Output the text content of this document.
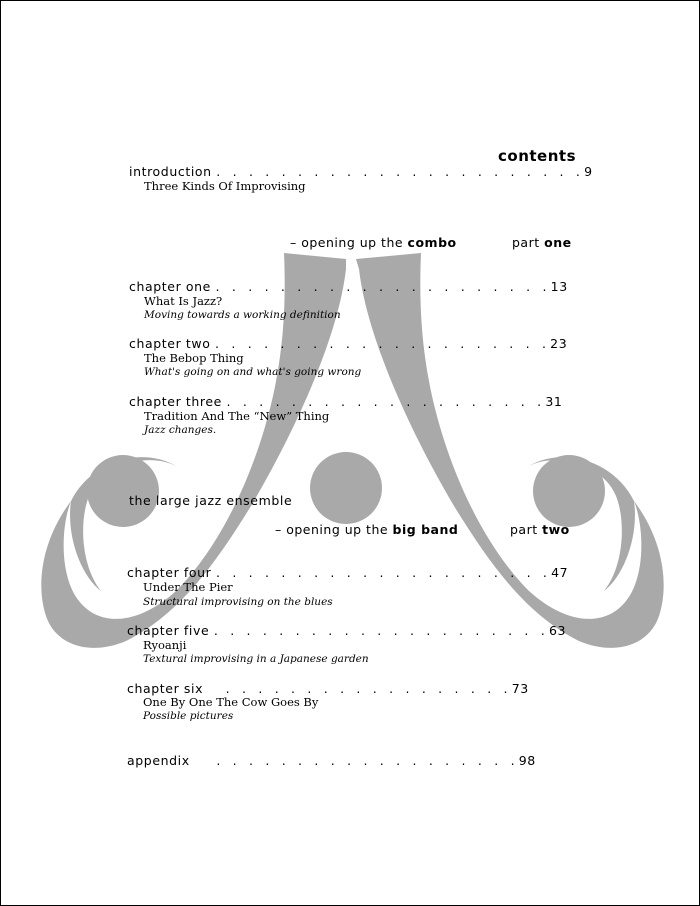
contents
introduction . . . . . . . . . . . . . . . . . . . . . . .9
Three Kinds Of Improvising
– opening up the combo	part one
chapter one . . . . . . . . . . . . . . . . . . . . .13
What Is Jazz?
Moving towards a working definition
chapter two . . . . . . . . . . . . . . . . . . . . .23
The Bebop Thing
What's going on and what's going wrong
chapter three . . . . . . . . . . . . . . . . . . . .31
Tradition And The “New” Thing
Jazz changes.
the large jazz ensemble
– opening up the big band	part two
chapter four . . . . . . . . . . . . . . . . . . . . .47
Under The Pier
Structural improvising on the blues
chapter five . . . . . . . . . . . . . . . . . . . . .63
Ryoanji
Textural improvising in a Japanese garden
chapter six . . . . . . . . . . . . . . . . . .73
One By One The Cow Goes By
Possible pictures
appendix . . . . . . . . . . . . . . . . . . .98
